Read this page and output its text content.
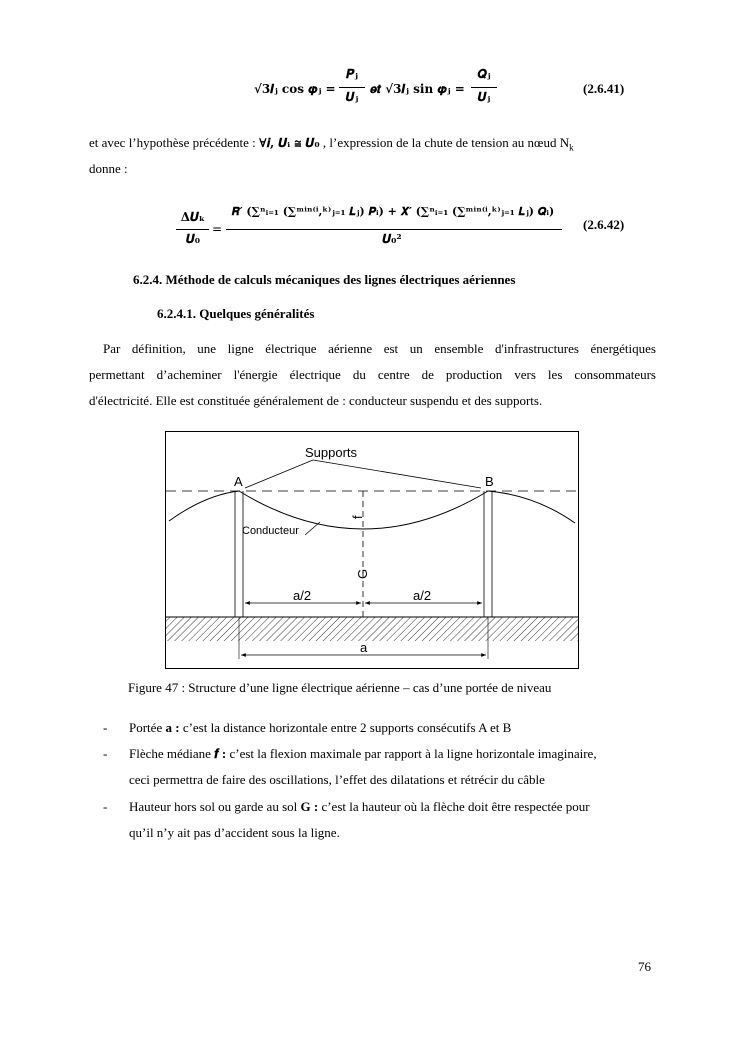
√3𝑰ⱼ cos 𝝋ⱼ =
𝑷ⱼ
𝑼ⱼ
𝒆𝒕 √3𝑰ⱼ sin 𝝋ⱼ =
𝑸ⱼ
𝑼ⱼ
(2.6.41)
et avec l’hypothèse précédente : ∀𝒊, 𝑼ᵢ ≅ 𝑼₀ , l’expression de la chute de tension au nœud $N_k$
donne :
Δ𝑼ₖ
𝑼₀
=
𝑹′ (∑ⁿᵢ₌₁ (∑ᵐⁱⁿ⁽ⁱ,ᵏ⁾ⱼ₌₁ 𝑳ⱼ) 𝑷ᵢ) + 𝑿′ (∑ⁿᵢ₌₁ (∑ᵐⁱⁿ⁽ⁱ,ᵏ⁾ⱼ₌₁ 𝑳ⱼ) 𝑸ᵢ)
𝑼₀²
(2.6.42)
6.2.4. Méthode de calculs mécaniques des lignes électriques aériennes
6.2.4.1. Quelques généralités
Par définition, une ligne électrique aérienne est un ensemble d'infrastructures énergétiques
permettant d’acheminer l'énergie électrique du centre de production vers les consommateurs
d'électricité. Elle est constituée généralement de : conducteur suspendu et des supports.
Supports
A	B
Conducteur
f
G
a/2	a/2
a
Figure 47 : Structure d’une ligne électrique aérienne – cas d’une portée de niveau
- Portée a : c’est la distance horizontale entre 2 supports consécutifs A et B
- Flèche médiane 𝒇 : c’est la flexion maximale par rapport à la ligne horizontale imaginaire,
ceci permettra de faire des oscillations, l’effet des dilatations et rétrécir du câble
- Hauteur hors sol ou garde au sol G : c’est la hauteur où la flèche doit être respectée pour
qu’il n’y ait pas d’accident sous la ligne.
76
